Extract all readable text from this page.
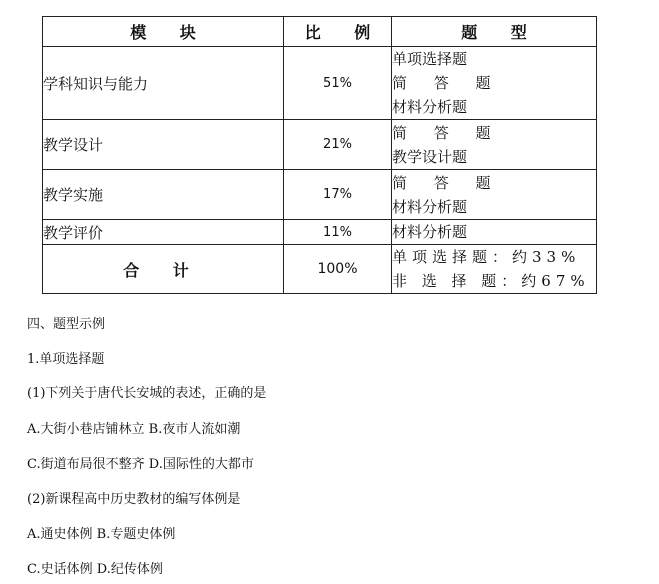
模 块	比 例	题 型
学科知识与能力	51%	单项选择题
简 答 题
材料分析题

教学设计	21%	简 答 题
教学设计题

教学实施	17%	简 答 题
材料分析题

教学评价	11%	材料分析题

合 计	100%	单项选择题：约33%
非 选 择 题：约67%
四、题型示例
1.单项选择题
(1)下列关于唐代长安城的表述，正确的是
A.大街小巷店铺林立 B.夜市人流如潮
C.街道布局很不整齐 D.国际性的大都市
(2)新课程高中历史教材的编写体例是
A.通史体例 B.专题史体例
C.史话体例 D.纪传体例
